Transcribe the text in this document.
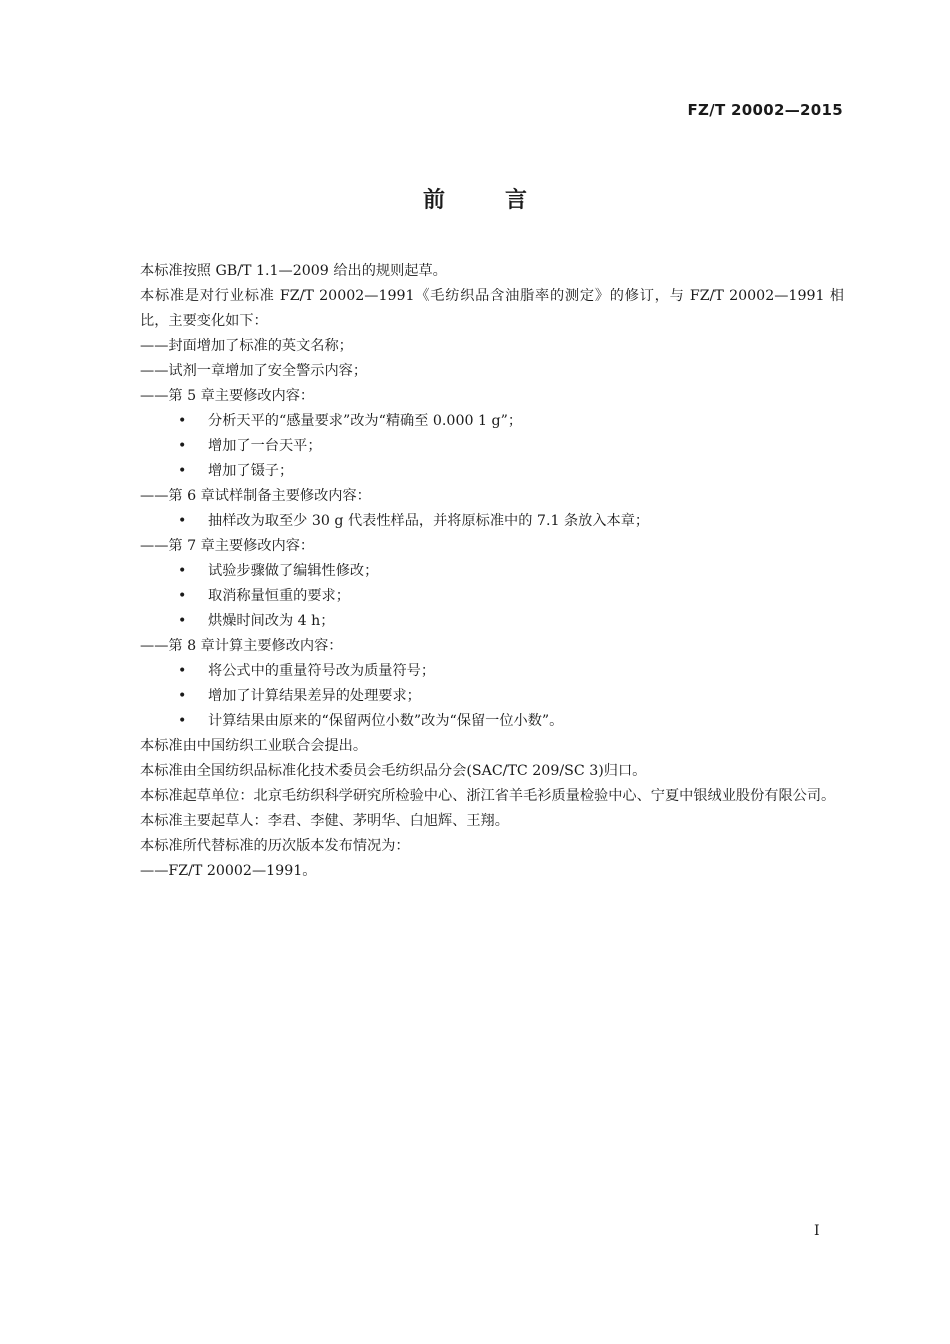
FZ/T 20002—2015
前言
本标准按照 GB/T 1.1—2009 给出的规则起草。
本标准是对行业标准 FZ/T 20002—1991《毛纺织品含油脂率的测定》的修订，与 FZ/T 20002—1991 相比，主要变化如下：
——封面增加了标准的英文名称；
——试剂一章增加了安全警示内容；
——第 5 章主要修改内容：
• 分析天平的“感量要求”改为“精确至 0.000 1 g”；
• 增加了一台天平；
• 增加了镊子；
——第 6 章试样制备主要修改内容：
• 抽样改为取至少 30 g 代表性样品，并将原标准中的 7.1 条放入本章；
——第 7 章主要修改内容：
• 试验步骤做了编辑性修改；
• 取消称量恒重的要求；
• 烘燥时间改为 4 h；
——第 8 章计算主要修改内容：
• 将公式中的重量符号改为质量符号；
• 增加了计算结果差异的处理要求；
• 计算结果由原来的“保留两位小数”改为“保留一位小数”。
本标准由中国纺织工业联合会提出。
本标准由全国纺织品标准化技术委员会毛纺织品分会(SAC/TC 209/SC 3)归口。
本标准起草单位：北京毛纺织科学研究所检验中心、浙江省羊毛衫质量检验中心、宁夏中银绒业股份有限公司。
本标准主要起草人：李君、李健、茅明华、白旭辉、王翔。
本标准所代替标准的历次版本发布情况为：
——FZ/T 20002—1991。
I
